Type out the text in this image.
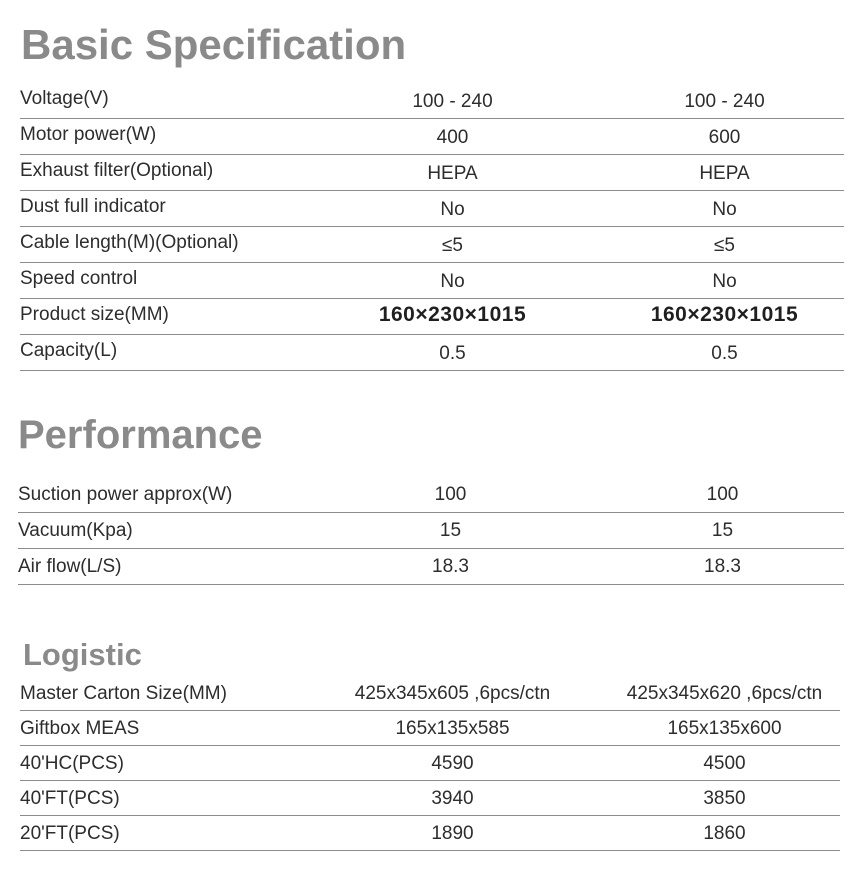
Basic Specification
Voltage(V)	100 - 240	100 - 240
Motor power(W)	400	600
Exhaust filter(Optional)	HEPA	HEPA
Dust full indicator	No	No
Cable length(M)(Optional)	≤5	≤5
Speed control	No	No
Product size(MM)	160×230×1015	160×230×1015
Capacity(L)	0.5	0.5
Performance
Suction power approx(W)	100	100
Vacuum(Kpa)	15	15
Air flow(L/S)	18.3	18.3
Logistic
Master Carton Size(MM)	425x345x605 ,6pcs/ctn	425x345x620 ,6pcs/ctn
Giftbox MEAS	165x135x585	165x135x600
40'HC(PCS)	4590	4500
40'FT(PCS)	3940	3850
20'FT(PCS)	1890	1860
